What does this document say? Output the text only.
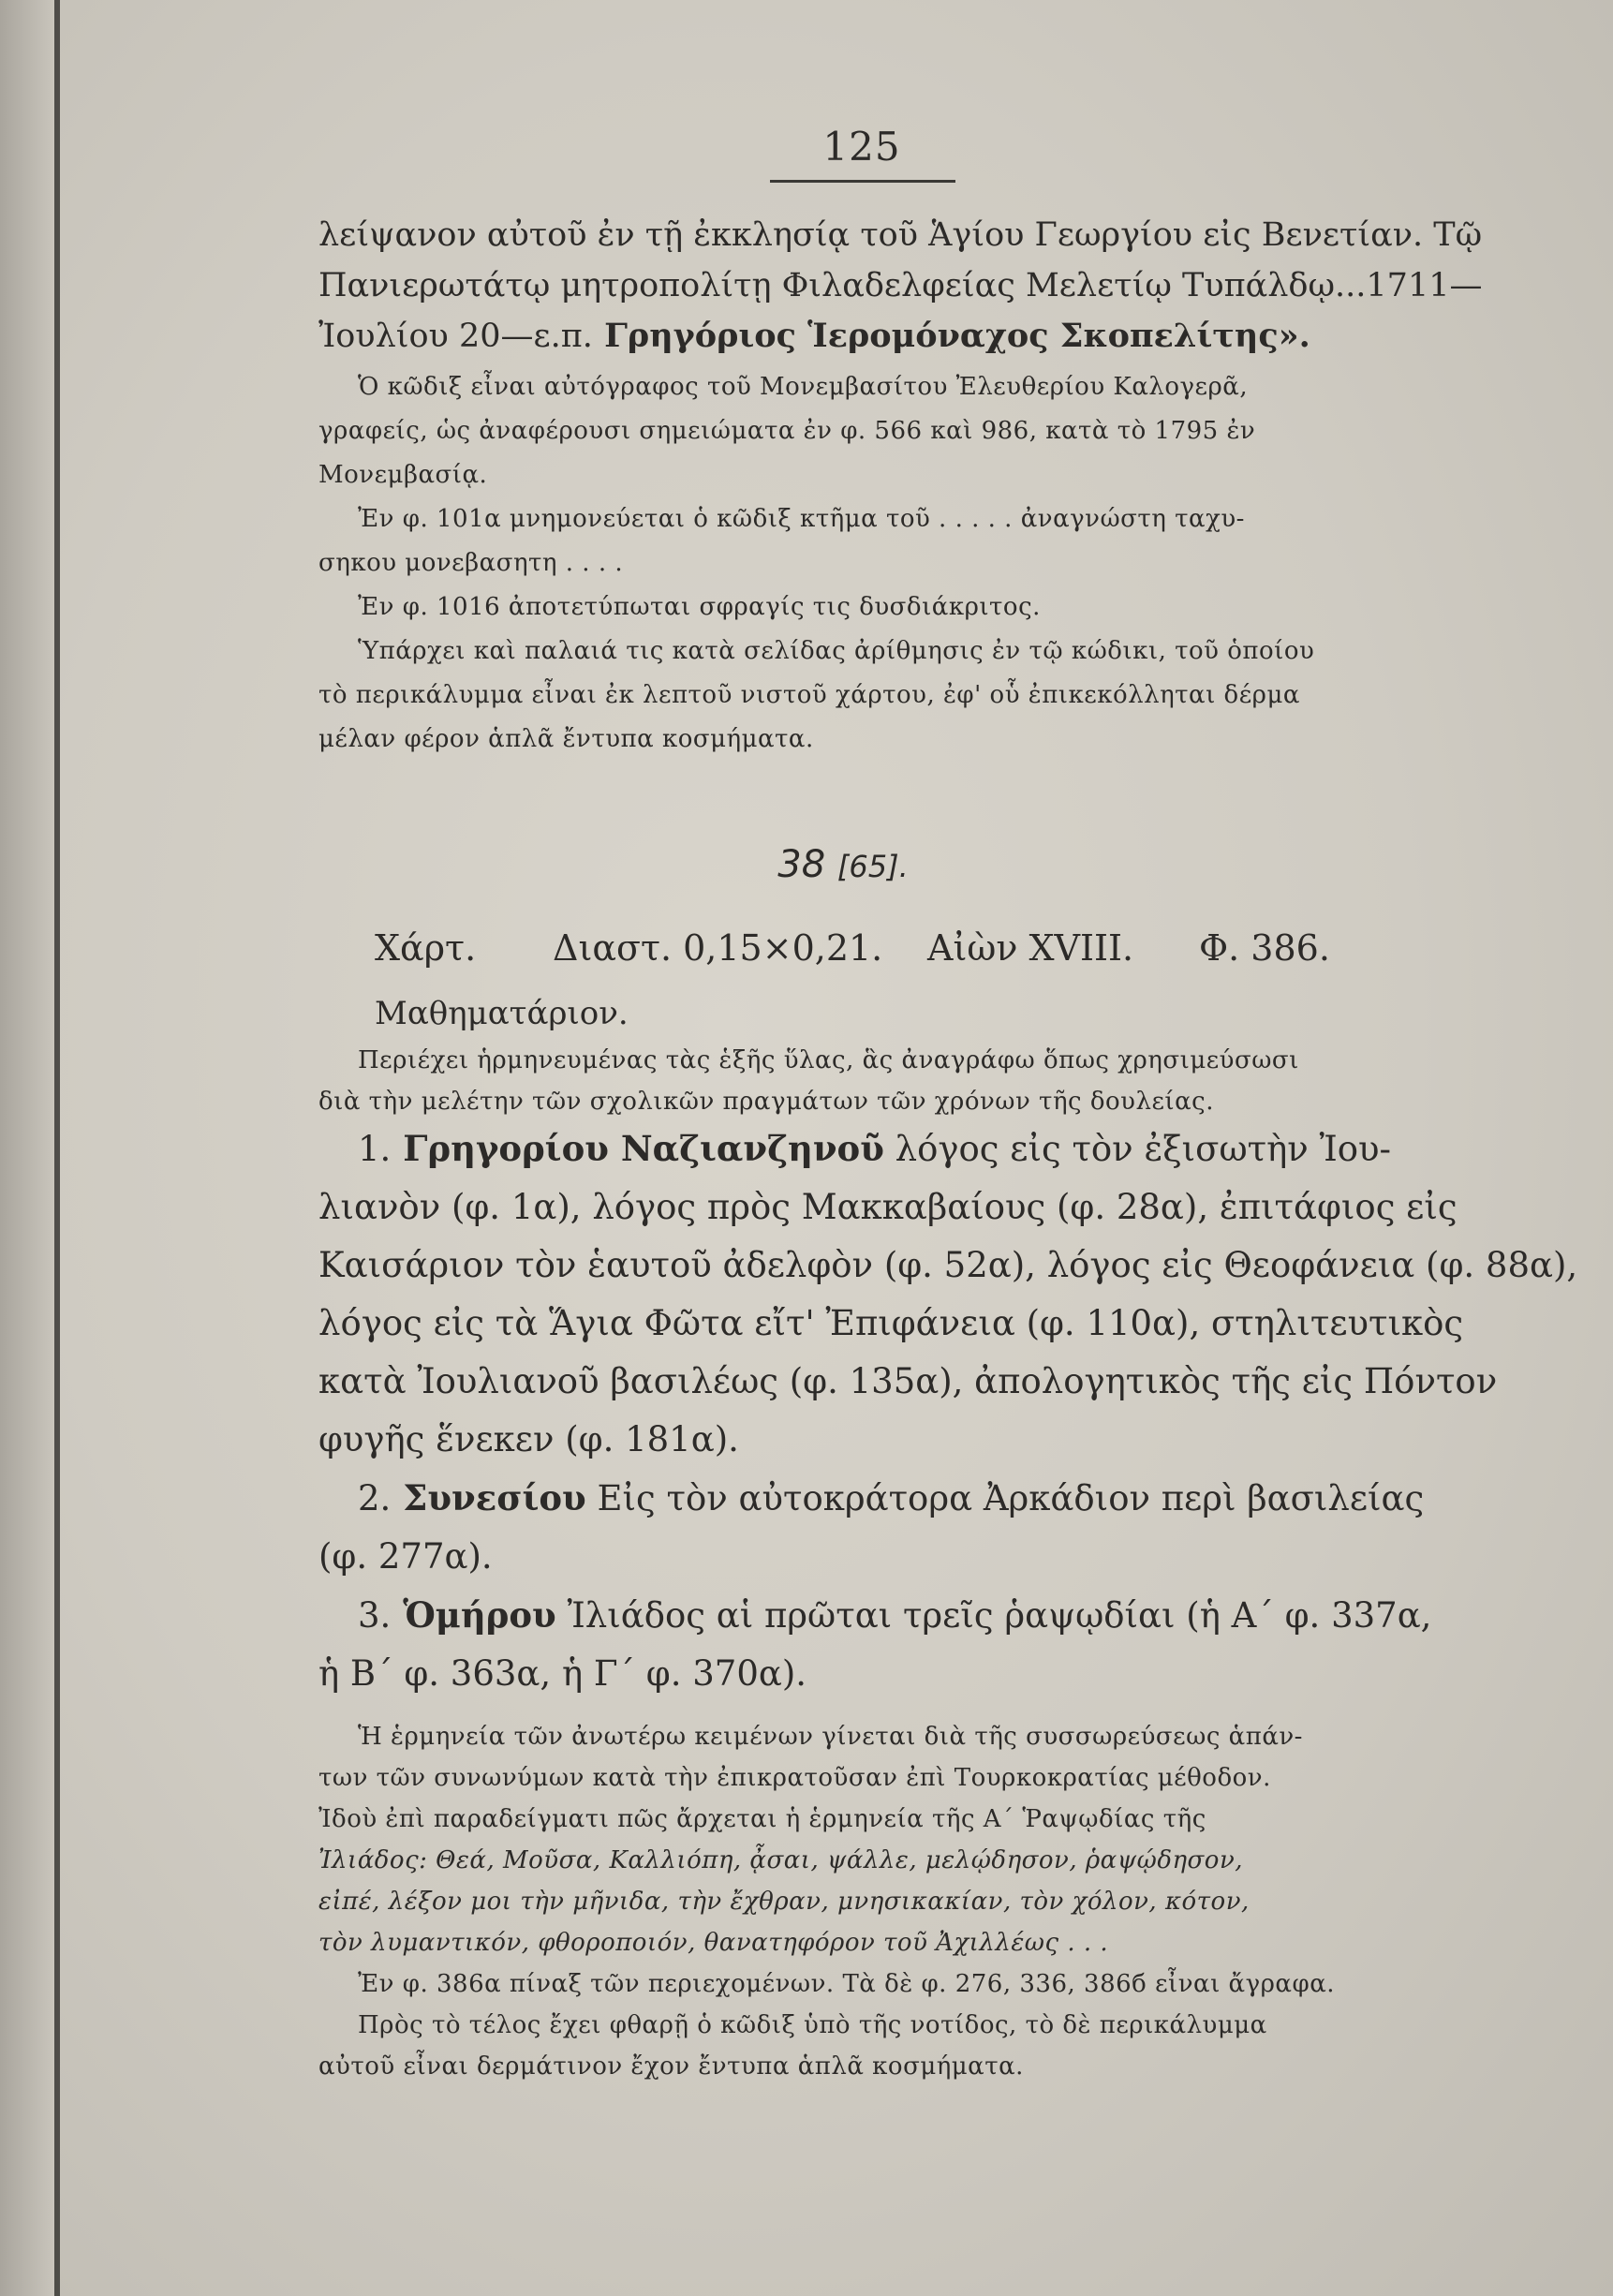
125
λείψανον αὐτοῦ ἐν τῇ ἐκκλησίᾳ τοῦ Ἁγίου Γεωργίου εἰς Βενετίαν. Τῷ
Πανιερωτάτῳ μητροπολίτῃ Φιλαδελφείας Μελετίῳ Τυπάλδῳ...1711—
Ἰουλίου 20—ε.π. Γρηγόριος Ἱερομόναχος Σκοπελίτης».
Ὁ κῶδιξ εἶναι αὐτόγραφος τοῦ Μονεμβασίτου Ἐλευθερίου Καλογερᾶ,
γραφείς, ὡς ἀναφέρουσι σημειώματα ἐν φ. 566 καὶ 986, κατὰ τὸ 1795 ἐν
Μονεμβασίᾳ.
Ἐν φ. 101α μνημονεύεται ὁ κῶδιξ κτῆμα τοῦ . . . . . ἀναγνώστη ταχυ-
σηκου μονεβασητη . . . .
Ἐν φ. 1016 ἀποτετύπωται σφραγίς τις δυσδιάκριτος.
Ὑπάρχει καὶ παλαιά τις κατὰ σελίδας ἀρίθμησις ἐν τῷ κώδικι, τοῦ ὁποίου
τὸ περικάλυμμα εἶναι ἐκ λεπτοῦ νιστοῦ χάρτου, ἐφ' οὗ ἐπικεκόλληται δέρμα
μέλαν φέρον ἁπλᾶ ἔντυπα κοσμήματα.
38 [65].
Χάρτ. Διαστ. 0,15×0,21. Αἰὼν XVIII. Φ. 386.
Μαθηματάριον.
Περιέχει ἡρμηνευμένας τὰς ἑξῆς ὕλας, ἃς ἀναγράφω ὅπως χρησιμεύσωσι
διὰ τὴν μελέτην τῶν σχολικῶν πραγμάτων τῶν χρόνων τῆς δουλείας.
1. Γρηγορίου Ναζιανζηνοῦ λόγος εἰς τὸν ἐξισωτὴν Ἰου-
λιανὸν (φ. 1α), λόγος πρὸς Μακκαβαίους (φ. 28α), ἐπιτάφιος εἰς
Καισάριον τὸν ἑαυτοῦ ἀδελφὸν (φ. 52α), λόγος εἰς Θεοφάνεια (φ. 88α),
λόγος εἰς τὰ Ἅγια Φῶτα εἴτ' Ἐπιφάνεια (φ. 110α), στηλιτευτικὸς
κατὰ Ἰουλιανοῦ βασιλέως (φ. 135α), ἀπολογητικὸς τῆς εἰς Πόντον
φυγῆς ἕνεκεν (φ. 181α).
2. Συνεσίου Εἰς τὸν αὐτοκράτορα Ἀρκάδιον περὶ βασιλείας
(φ. 277α).
3. Ὁμήρου Ἰλιάδος αἱ πρῶται τρεῖς ῥαψῳδίαι (ἡ Α΄ φ. 337α,
ἡ Β΄ φ. 363α, ἡ Γ΄ φ. 370α).
Ἡ ἑρμηνεία τῶν ἀνωτέρω κειμένων γίνεται διὰ τῆς συσσωρεύσεως ἁπάν-
των τῶν συνωνύμων κατὰ τὴν ἐπικρατοῦσαν ἐπὶ Τουρκοκρατίας μέθοδον.
Ἰδοὺ ἐπὶ παραδείγματι πῶς ἄρχεται ἡ ἑρμηνεία τῆς Α΄ Ῥαψῳδίας τῆς
Ἰλιάδος: Θεά, Μοῦσα, Καλλιόπη, ᾆσαι, ψάλλε, μελῴδησον, ῥαψῴδησον,
εἰπέ, λέξον μοι τὴν μῆνιδα, τὴν ἔχθραν, μνησικακίαν, τὸν χόλον, κότον,
τὸν λυμαντικόν, φθοροποιόν, θανατηφόρον τοῦ Ἀχιλλέως . . .
Ἐν φ. 386α πίναξ τῶν περιεχομένων. Τὰ δὲ φ. 276, 336, 386б εἶναι ἄγραφα.
Πρὸς τὸ τέλος ἔχει φθαρῇ ὁ κῶδιξ ὑπὸ τῆς νοτίδος, τὸ δὲ περικάλυμμα
αὐτοῦ εἶναι δερμάτινον ἔχον ἔντυπα ἁπλᾶ κοσμήματα.
